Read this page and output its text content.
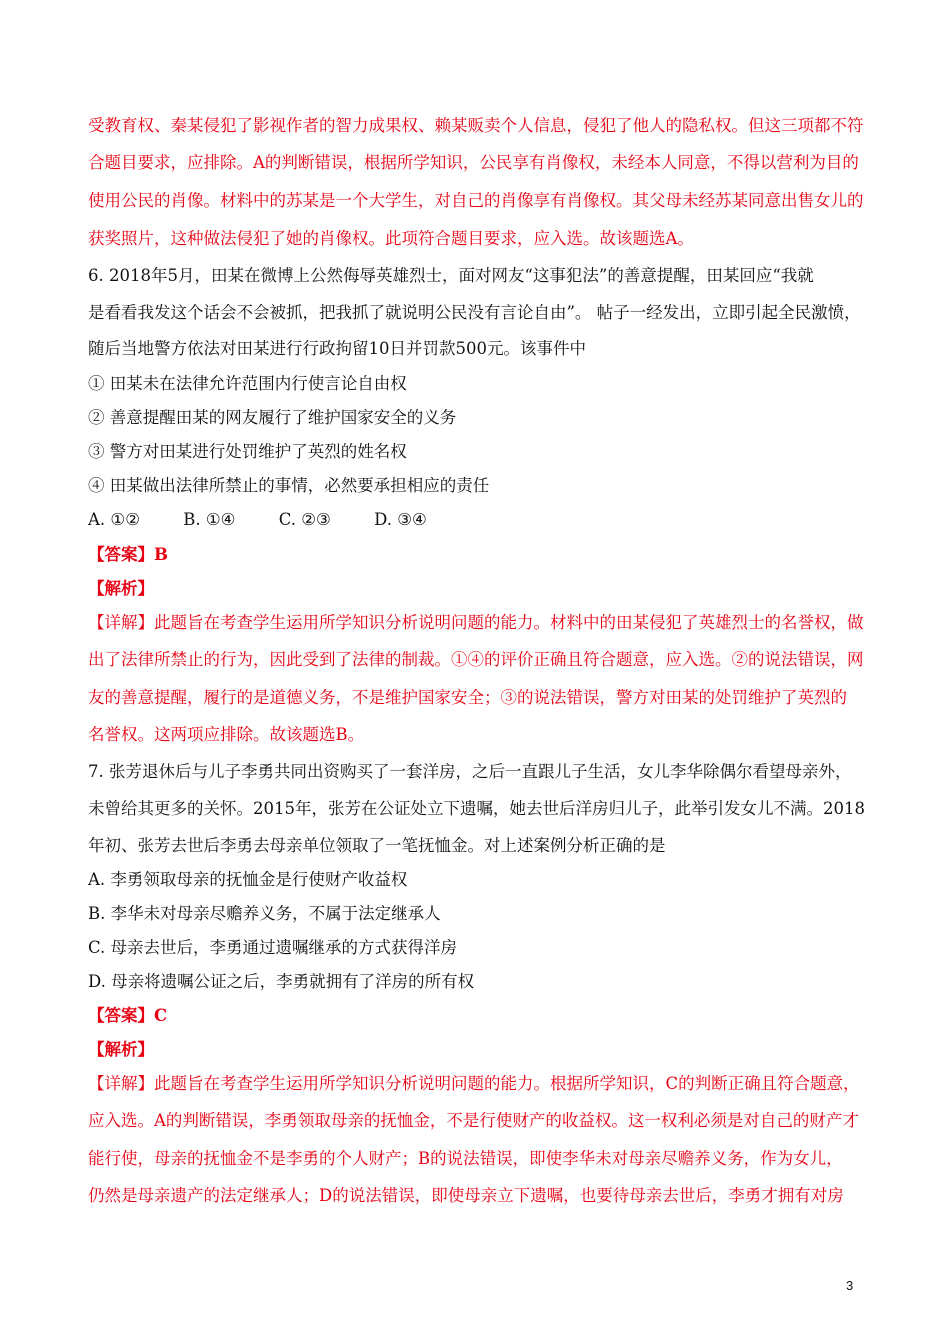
受教育权、秦某侵犯了影视作者的智力成果权、赖某贩卖个人信息，侵犯了他人的隐私权。但这三项都不符
合题目要求，应排除。A的判断错误，根据所学知识，公民享有肖像权，未经本人同意，不得以营利为目的
使用公民的肖像。材料中的苏某是一个大学生，对自己的肖像享有肖像权。其父母未经苏某同意出售女儿的
获奖照片，这种做法侵犯了她的肖像权。此项符合题目要求，应入选。故该题选A。
6. 2018年5月，田某在微博上公然侮辱英雄烈士，面对网友“这事犯法”的善意提醒，田某回应“我就
是看看我发这个话会不会被抓，把我抓了就说明公民没有言论自由”。 帖子一经发出，立即引起全民激愤，
随后当地警方依法对田某进行行政拘留10日并罚款500元。该事件中
① 田某未在法律允许范围内行使言论自由权
② 善意提醒田某的网友履行了维护国家安全的义务
③ 警方对田某进行处罚维护了英烈的姓名权
④ 田某做出法律所禁止的事情，必然要承担相应的责任
A. ①②	B. ①④	C. ②③	D. ③④
【答案】B
【解析】
【详解】此题旨在考查学生运用所学知识分析说明问题的能力。材料中的田某侵犯了英雄烈士的名誉权，做
出了法律所禁止的行为，因此受到了法律的制裁。①④的评价正确且符合题意，应入选。②的说法错误，网
友的善意提醒，履行的是道德义务，不是维护国家安全；③的说法错误，警方对田某的处罚维护了英烈的
名誉权。这两项应排除。故该题选B。
7. 张芳退休后与儿子李勇共同出资购买了一套洋房，之后一直跟儿子生活，女儿李华除偶尔看望母亲外，
未曾给其更多的关怀。2015年，张芳在公证处立下遗嘱，她去世后洋房归儿子，此举引发女儿不满。2018
年初、张芳去世后李勇去母亲单位领取了一笔抚恤金。对上述案例分析正确的是
A. 李勇领取母亲的抚恤金是行使财产收益权
B. 李华未对母亲尽赡养义务，不属于法定继承人
C. 母亲去世后，李勇通过遗嘱继承的方式获得洋房
D. 母亲将遗嘱公证之后，李勇就拥有了洋房的所有权
【答案】C
【解析】
【详解】此题旨在考查学生运用所学知识分析说明问题的能力。根据所学知识，C的判断正确且符合题意，
应入选。A的判断错误，李勇领取母亲的抚恤金，不是行使财产的收益权。这一权利必须是对自己的财产才
能行使，母亲的抚恤金不是李勇的个人财产；B的说法错误，即使李华未对母亲尽赡养义务，作为女儿，
仍然是母亲遗产的法定继承人；D的说法错误，即使母亲立下遗嘱，也要待母亲去世后，李勇才拥有对房
3
